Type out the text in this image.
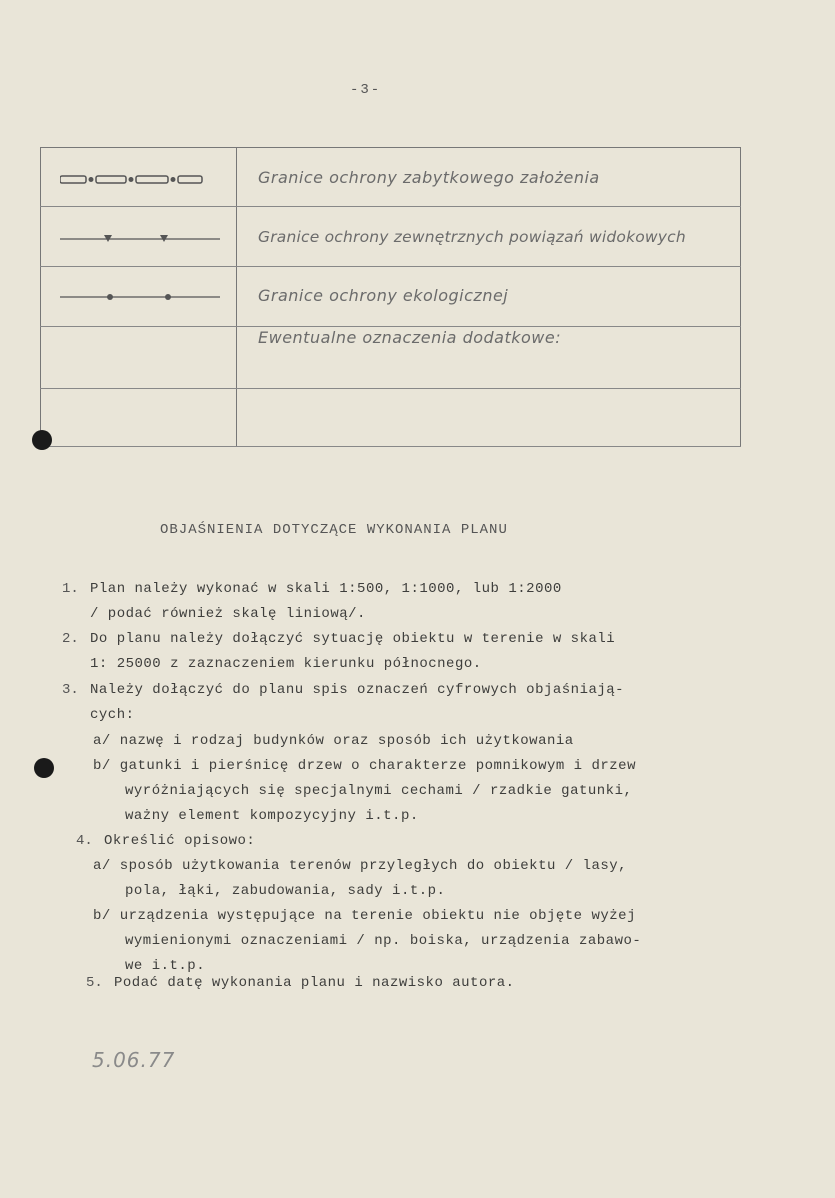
-3-
Granice ochrony zabytkowego założenia
Granice ochrony zewnętrznych powiązań widokowych
Granice ochrony ekologicznej
Ewentualne oznaczenia dodatkowe:
OBJAŚNIENIA DOTYCZĄCE WYKONANIA PLANU
1. Plan należy wykonać w skali 1:500, 1:1000, lub 1:2000
/ podać również skalę liniową/.
2. Do planu należy dołączyć sytuację obiektu w terenie w skali
1: 25000 z zaznaczeniem kierunku północnego.
3. Należy dołączyć do planu spis oznaczeń cyfrowych objaśniają-
cych:
a/ nazwę i rodzaj budynków oraz sposób ich użytkowania
b/ gatunki i pierśnicę drzew o charakterze pomnikowym i drzew
wyróżniających się specjalnymi cechami / rzadkie gatunki,
ważny element kompozycyjny i.t.p.
4. Określić opisowo:
a/ sposób użytkowania terenów przyległych do obiektu / lasy,
pola, łąki, zabudowania, sady i.t.p.
b/ urządzenia występujące na terenie obiektu nie objęte wyżej
wymienionymi oznaczeniami / np. boiska, urządzenia zabawo-
we i.t.p.
5. Podać datę wykonania planu i nazwisko autora.
5.06.77
